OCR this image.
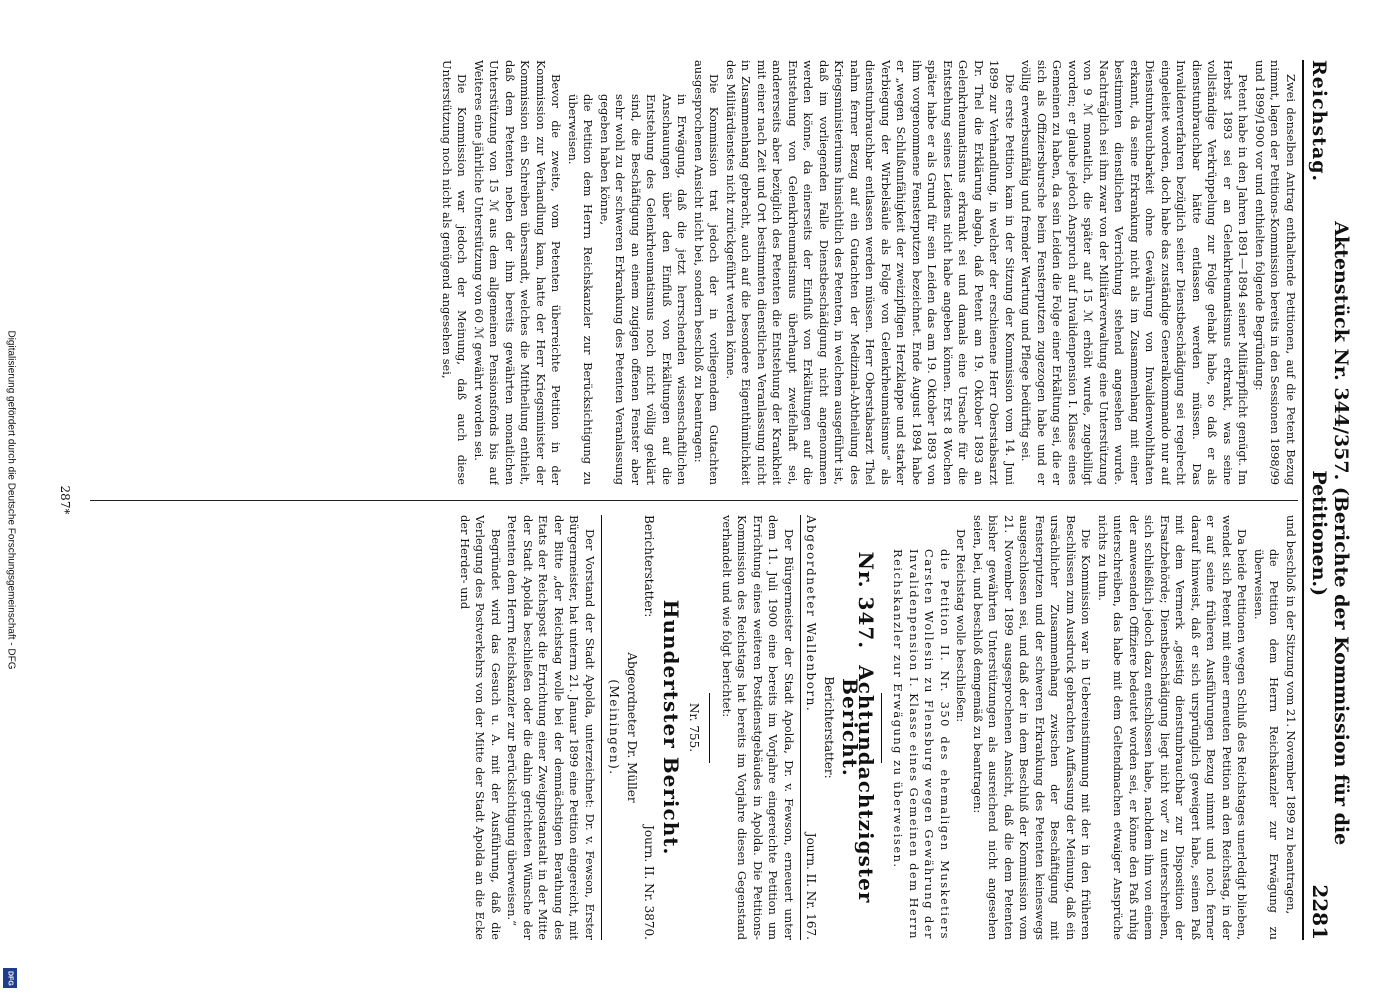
Digitalisierung gefördert durch die Deutsche Forschungsgemeinschaft - DFG
DFG
Reichstag.
Aktenstück Nr. 344/357. (Berichte der Kommission für die Petitionen.)
2281

Zwei denselben Antrag enthaltende Petitionen, auf die Petent Bezug nimmt, lagen der Petitions-Kommission bereits in den Sessionen 1898/99 und 1899/1900 vor und enthielten folgende Begründung:

Petent habe in den Jahren 1891—1894 seiner Militärpflicht genügt. Im Herbst 1893 sei er an Gelenkrheumatismus erkrankt, was seine vollständige Verkrüppelung zur Folge gehabt habe, so daß er als dienstunbrauchbar hätte entlassen werden müssen. Das Invalidenverfahren bezüglich seiner Dienstbeschädigung sei regelrecht eingeleitet worden, doch habe das zuständige Generalkommando nur auf Dienstunbrauchbarkeit ohne Gewährung von Invalidenwohlthaten erkannt, da seine Erkrankung nicht als im Zusammenhang mit einer bestimmten dienstlichen Verrichtung stehend angesehen wurde. Nachträglich sei ihm zwar von der Militärverwaltung eine Unterstützung von 9 ℳ monatlich, die später auf 15 ℳ erhöht wurde, zugebilligt worden; er glaube jedoch Anspruch auf Invalidenpension I. Klasse eines Gemeinen zu haben, da sein Leiden die Folge einer Erkältung sei, die er sich als Offiziersbursche beim Fensterputzen zugezogen habe und er völlig erwerbsunfähig und fremder Wartung und Pflege bedürftig sei.

Die erste Petition kam in der Sitzung der Kommission vom 14. Juni 1899 zur Verhandlung, in welcher der erschienene Herr Oberstabsarzt Dr. Thel die Erklärung abgab, daß Petent am 19. Oktober 1893 an Gelenkrheumatismus erkrankt sei und damals eine Ursache für die Entstehung seines Leidens nicht habe angeben können. Erst 8 Wochen später habe er als Grund für sein Leiden das am 19. Oktober 1893 von ihm vorgenommene Fensterputzen bezeichnet. Ende August 1894 habe er „wegen Schlußunfähigkeit der zweizipfligen Herzklappe und starker Verbiegung der Wirbelsäule als Folge von Gelenkrheumatismus“ als dienstunbrauchbar entlassen werden müssen. Herr Oberstabsarzt Thel nahm ferner Bezug auf ein Gutachten der Medizinal-Abtheilung des Kriegsministeriums hinsichtlich des Petenten, in welchem ausgeführt ist, daß im vorliegenden Falle Dienstbeschädigung nicht angenommen werden könne, da einerseits der Einfluß von Erkältungen auf die Entstehung von Gelenkrheumatismus überhaupt zweifelhaft sei, andererseits aber bezüglich des Petenten die Entstehung der Krankheit mit einer nach Zeit und Ort bestimmten dienstlichen Veranlassung nicht in Zusammenhang gebracht, auch auf die besondere Eigenthümlichkeit des Militärdienstes nicht zurückgeführt werden könne.

Die Kommission trat jedoch der in vorliegendem Gutachten ausgesprochenen Ansicht nicht bei, sondern beschloß zu beantragen:

in Erwägung, daß die jetzt herrschenden wissenschaftlichen Anschauungen über den Einfluß von Erkältungen auf die Entstehung des Gelenkrheumatismus noch nicht völlig geklärt sind, die Beschäftigung an einem zugigen offenen Fenster aber sehr wohl zu der schweren Erkrankung des Petenten Veranlassung gegeben haben könne,

die Petition dem Herrn Reichskanzler zur Berücksichtigung zu überweisen.

Bevor die zweite, vom Petenten überreichte Petition in der Kommission zur Verhandlung kam, hatte der Herr Kriegsminister der Kommission ein Schreiben übersandt, welches die Mittheilung enthielt, daß dem Petenten neben der ihm bereits gewährten monatlichen Unterstützung von 15 ℳ aus dem allgemeinen Pensionsfonds bis auf Weiteres eine jährliche Unterstützung von 60 ℳ gewährt worden sei.

Die Kommission war jedoch der Meinung, daß auch diese Unterstützung noch nicht als genügend angesehen sei,

und beschloß in der Sitzung vom 21. November 1899 zu beantragen,

die Petition dem Herrn Reichskanzler zur Erwägung zu überweisen.

Da beide Petitionen wegen Schluß des Reichstages unerledigt blieben, wendet sich Petent mit einer erneuten Petition an den Reichstag, in der er auf seine früheren Ausführungen Bezug nimmt und noch ferner darauf hinweist, daß er sich ursprünglich geweigert habe, seinen Paß mit dem Vermerk „geistig dienstunbrauchbar zur Disposition der Ersatzbehörde; Dienstbeschädigung liegt nicht vor“ zu unterschreiben, sich schließlich jedoch dazu entschlossen habe, nachdem ihm von einem der anwesenden Offiziere bedeutet worden sei, er könne den Paß ruhig unterschreiben, das habe mit dem Geltendmachen etwaiger Ansprüche nichts zu thun.

Die Kommission war in Uebereinstimmung mit der in den früheren Beschlüssen zum Ausdruck gebrachten Auffassung der Meinung, daß ein ursächlicher Zusammenhang zwischen der Beschäftigung mit Fensterputzen und der schweren Erkrankung des Petenten keineswegs ausgeschlossen sei, und daß der in dem Beschluß der Kommission vom 21. November 1899 ausgesprochenen Ansicht, daß die dem Petenten bisher gewährten Unterstützungen als ausreichend nicht angesehen seien, bei, und beschloß demgemäß zu beantragen:

Der Reichstag wolle beschließen:

die Petition II. Nr. 350 des ehemaligen Musketiers Carsten Wollesin zu Flensburg wegen Gewährung der Invalidenpension I. Klasse eines Gemeinen dem Herrn Reichskanzler zur Erwägung zu überweisen.

Nr. 347. Achtundachtzigster Bericht.
Berichterstatter:
Abgeordneter Wallenborn.
Journ. II. Nr. 167.

Der Bürgermeister der Stadt Apolda, Dr. v. Fewson, erneuert unter dem 11. Juli 1900 eine bereits im Vorjahre eingereichte Petition um Errichtung eines weiteren Postdienstgebäudes in Apolda. Die Petitions-Kommission des Reichstags hat bereits im Vorjahre diesen Gegenstand verhandelt und wie folgt berichtet:

Nr. 755.
Hundertster Bericht.
Berichterstatter:
Journ. II. Nr. 3870.
Abgeordneter Dr. Müller
(Meiningen).

Der Vorstand der Stadt Apolda, unterzeichnet: Dr. v. Fewson, Erster Bürgermeister, hat unterm 21. Januar 1899 eine Petition eingereicht, mit der Bitte „der Reichstag wolle bei der demnächstigen Berathung des Etats der Reichspost die Errichtung einer Zweigpostanstalt in der Mitte der Stadt Apolda beschließen oder die dahin gerichteten Wünsche der Petenten dem Herrn Reichskanzler zur Berücksichtigung überweisen.“

Begründet wird das Gesuch u. A. mit der Ausführung, daß die Verlegung des Postverkehrs von der Mitte der Stadt Apolda an die Ecke der Herder- und

287*
